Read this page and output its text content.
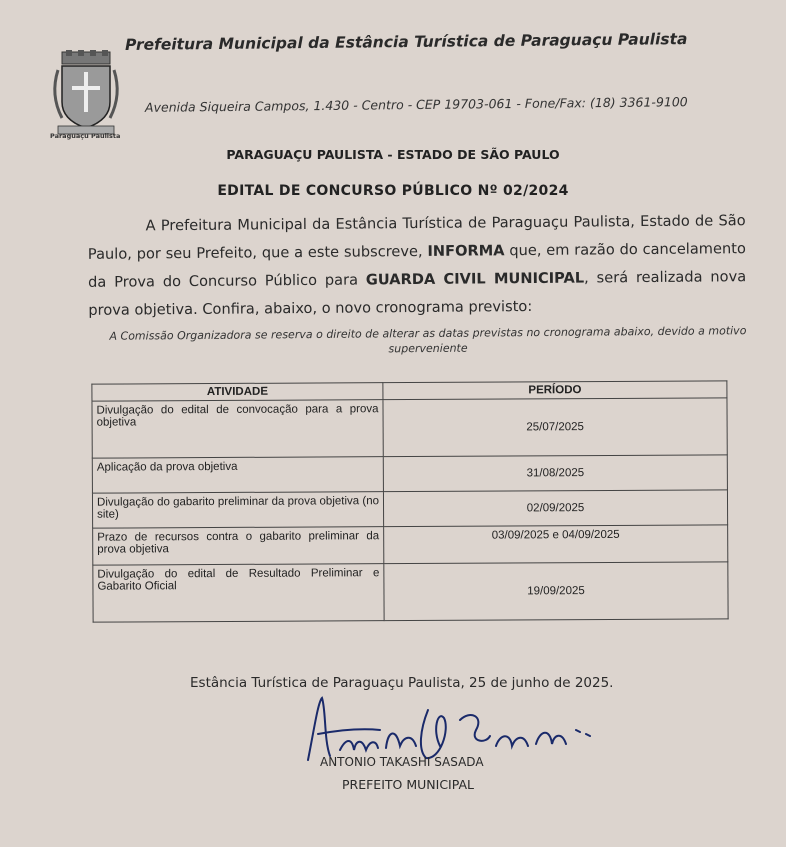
Prefeitura Municipal da Estância Turística de Paraguaçu Paulista
Paraguaçu Paulista
Avenida Siqueira Campos, 1.430 - Centro - CEP 19703-061 - Fone/Fax: (18) 3361-9100
PARAGUAÇU PAULISTA - ESTADO DE SÃO PAULO
EDITAL DE CONCURSO PÚBLICO Nº 02/2024
A Prefeitura Municipal da Estância Turística de Paraguaçu Paulista, Estado de São Paulo, por seu Prefeito, que a este subscreve, INFORMA que, em razão do cancelamento da Prova do Concurso Público para GUARDA CIVIL MUNICIPAL, será realizada nova prova objetiva. Confira, abaixo, o novo cronograma previsto:
A Comissão Organizadora se reserva o direito de alterar as datas previstas no cronograma abaixo, devido a motivo superveniente
ATIVIDADE	PERÍODO
Divulgação do edital de convocação para a prova objetiva	25/07/2025
Aplicação da prova objetiva	31/08/2025
Divulgação do gabarito preliminar da prova objetiva (no site)	02/09/2025
Prazo de recursos contra o gabarito preliminar da prova objetiva	03/09/2025 e 04/09/2025
Divulgação do edital de Resultado Preliminar e Gabarito Oficial	19/09/2025
Estância Turística de Paraguaçu Paulista, 25 de junho de 2025.
ANTONIO TAKASHI SASADA
PREFEITO MUNICIPAL
